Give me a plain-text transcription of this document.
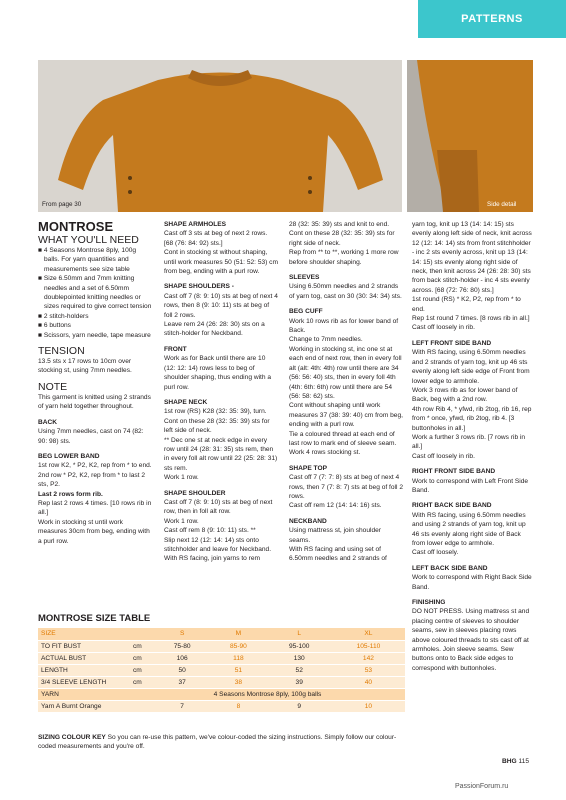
PATTERNS
From page 30	Side detail
MONTROSE
WHAT YOU'LL NEED
■ 4 Seasons Montrose 8ply, 100g balls. For yarn quantities and measurements see size table
■ Size 6.50mm and 7mm knitting needles and a set of 6.50mm doublepointed knitting needles or sizes required to give correct tension
■ 2 stitch-holders
■ 6 buttons
■ Scissors, yarn needle, tape measure
TENSION
13.5 sts x 17 rows to 10cm over stocking st, using 7mm needles.
NOTE
This garment is knitted using 2 strands of yarn held together throughout.
BACK
Using 7mm needles, cast on 74 (82: 90: 98) sts.
BEG LOWER BAND
1st row K2, * P2, K2, rep from * to end.
2nd row * P2, K2, rep from * to last 2 sts, P2.
Last 2 rows form rib.
Rep last 2 rows 4 times. [10 rows rib in all.]
Work in stocking st until work measures 30cm from beg, ending with a purl row.
SHAPE ARMHOLES
Cast off 3 sts at beg of next 2 rows. [68 (76: 84: 92) sts.]
Cont in stocking st without shaping, until work measures 50 (51: 52: 53) cm from beg, ending with a purl row.
SHAPE SHOULDERS -
Cast off 7 (8: 9: 10) sts at beg of next 4 rows, then 8 (9: 10: 11) sts at beg of foll 2 rows.
Leave rem 24 (26: 28: 30) sts on a stitch-holder for Neckband.
FRONT
Work as for Back until there are 10 (12: 12: 14) rows less to beg of shoulder shaping, thus ending with a purl row.
SHAPE NECK
1st row (RS) K28 (32: 35: 39), turn.
Cont on these 28 (32: 35: 39) sts for left side of neck.
** Dec one st at neck edge in every row until 24 (28: 31: 35) sts rem, then in every foll alt row until 22 (25: 28: 31) sts rem.
Work 1 row.
SHAPE SHOULDER
Cast off 7 (8: 9: 10) sts at beg of next row, then in foll alt row.
Work 1 row.
Cast off rem 8 (9: 10: 11) sts. **
Slip next 12 (12: 14: 14) sts onto stitchholder and leave for Neckband.
With RS facing, join yarns to rem
28 (32: 35: 39) sts and knit to end.
Cont on these 28 (32: 35: 39) sts for right side of neck.
Rep from ** to **, working 1 more row before shoulder shaping.
SLEEVES
Using 6.50mm needles and 2 strands of yarn tog, cast on 30 (30: 34: 34) sts.
BEG CUFF
Work 10 rows rib as for lower band of Back.
Change to 7mm needles.
Working in stocking st, inc one st at each end of next row, then in every foll alt (alt: 4th: 4th) row until there are 34 (56: 56: 40) sts, then in every foll 4th (4th: 6th: 6th) row until there are 54 (56: 58: 62) sts.
Cont without shaping until work measures 37 (38: 39: 40) cm from beg, ending with a purl row.
Tie a coloured thread at each end of last row to mark end of sleeve seam.
Work 4 rows stocking st.
SHAPE TOP
Cast off 7 (7: 7: 8) sts at beg of next 4 rows, then 7 (7: 8: 7) sts at beg of foll 2 rows.
Cast off rem 12 (14: 14: 16) sts.
NECKBAND
Using mattress st, join shoulder seams.
With RS facing and using set of 6.50mm needles and 2 strands of
yarn tog, knit up 13 (14: 14: 15) sts evenly along left side of neck, knit across 12 (12: 14: 14) sts from front stitchholder - inc 2 sts evenly across, knit up 13 (14: 14: 15) sts evenly along right side of neck, then knit across 24 (26: 28: 30) sts from back stitch-holder - inc 4 sts evenly across. [68 (72: 76: 80) sts.]
1st round (RS) * K2, P2, rep from * to end.
Rep 1st round 7 times. [8 rows rib in all.]
Cast off loosely in rib.
LEFT FRONT SIDE BAND
With RS facing, using 6.50mm needles and 2 strands of yarn tog, knit up 46 sts evenly along left side edge of Front from lower edge to armhole.
Work 3 rows rib as for lower band of Back, beg with a 2nd row.
4th row Rib 4, * yfwd, rib 2tog, rib 16, rep from * once, yfwd, rib 2tog, rib 4. [3 buttonholes in all.]
Work a further 3 rows rib. [7 rows rib in all.]
Cast off loosely in rib.
RIGHT FRONT SIDE BAND
Work to correspond with Left Front Side Band.
RIGHT BACK SIDE BAND
With RS facing, using 6.50mm needles and using 2 strands of yarn tog, knit up 46 sts evenly along right side of Back from lower edge to armhole.
Cast off loosely.
LEFT BACK SIDE BAND
Work to correspond with Right Back Side Band.
FINISHING
DO NOT PRESS. Using mattress st and placing centre of sleeves to shoulder seams, sew in sleeves placing rows above coloured threads to sts cast off at armholes. Join sleeve seams. Sew buttons onto to Back side edges to correspond with buttonholes.
MONTROSE SIZE TABLE
SIZE		S	M	L	XL
TO FIT BUST	cm	75-80	85-90	95-100	105-110
ACTUAL BUST	cm	106	118	130	142
LENGTH	cm	50	51	52	53
3/4 SLEEVE LENGTH	cm	37	38	39	40
YARN	4 Seasons Montrose 8ply, 100g balls				
Yarn A Burnt Orange		7	8	9	10
SIZING COLOUR KEY So you can re-use this pattern, we've colour-coded the sizing instructions. Simply follow our colour-coded measurements and you're off.
BHG 115
PassionForum.ru
